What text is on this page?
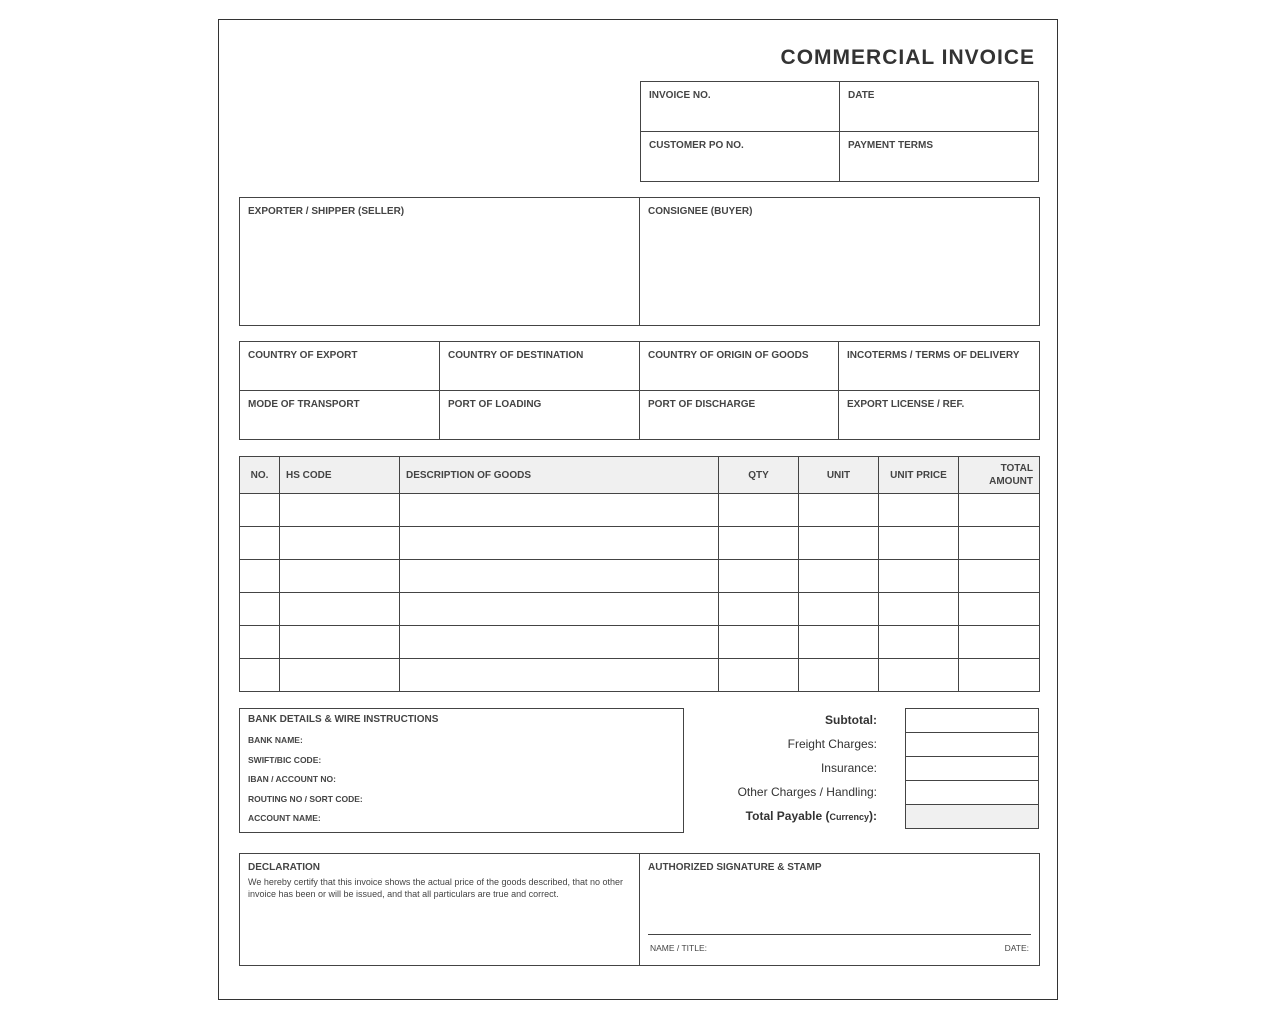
COMMERCIAL INVOICE
INVOICE NO.	DATE

CUSTOMER PO NO.	PAYMENT TERMS
EXPORTER / SHIPPER (SELLER)	CONSIGNEE (BUYER)
COUNTRY OF EXPORT	COUNTRY OF DESTINATION	COUNTRY OF ORIGIN OF GOODS	INCOTERMS / TERMS OF DELIVERY

MODE OF TRANSPORT	PORT OF LOADING	PORT OF DISCHARGE	EXPORT LICENSE / REF.
NO.	HS CODE	DESCRIPTION OF GOODS	QTY	UNIT	UNIT PRICE	TOTAL
AMOUNT

BANK DETAILS & WIRE INSTRUCTIONS
BANK NAME:
SWIFT/BIC CODE:
IBAN / ACCOUNT NO:
ROUTING NO / SORT CODE:
ACCOUNT NAME:
Subtotal:
Freight Charges:
Insurance:
Other Charges / Handling:
Total Payable (Currency):
DECLARATION
We hereby certify that this invoice shows the actual price of the goods described, that no other invoice has been or will be issued, and that all particulars are true and correct.

AUTHORIZED SIGNATURE & STAMP
NAME / TITLE:	DATE:
